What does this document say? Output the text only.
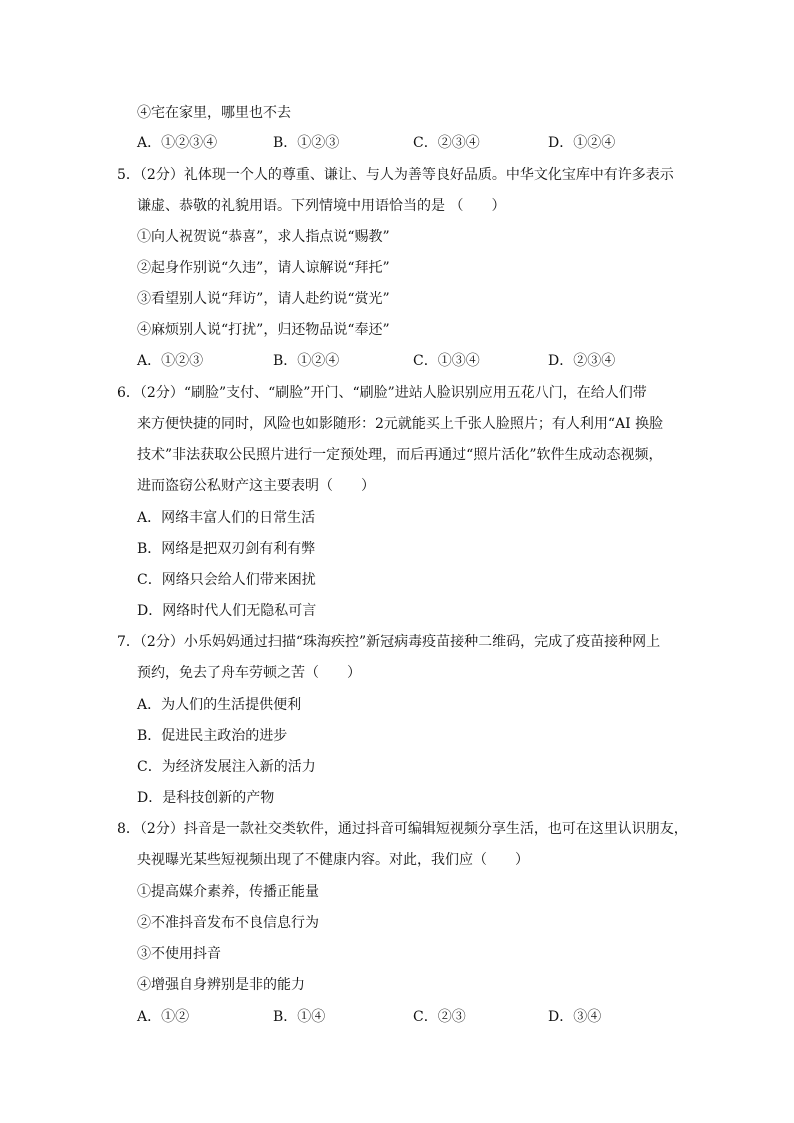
④宅在家里，哪里也不去
A．①②③④	B．①②③	C．②③④	D．①②④
5．（2分）礼体现一个人的尊重、谦让、与人为善等良好品质。中华文化宝库中有许多表示
谦虚、恭敬的礼貌用语。下列情境中用语恰当的是 （　　）
①向人祝贺说“恭喜”，求人指点说“赐教”
②起身作别说“久违”，请人谅解说“拜托”
③看望别人说“拜访”，请人赴约说“赏光”
④麻烦别人说“打扰”，归还物品说“奉还”
A．①②③	B．①②④	C．①③④	D．②③④
6．（2分）“刷脸”支付、“刷脸”开门、“刷脸”进站人脸识别应用五花八门，在给人们带
来方便快捷的同时，风险也如影随形：2元就能买上千张人脸照片；有人利用“AI 换脸
技术”非法获取公民照片进行一定预处理，而后再通过“照片活化”软件生成动态视频，
进而盗窃公私财产这主要表明（　　）
A．网络丰富人们的日常生活
B．网络是把双刃剑有利有弊
C．网络只会给人们带来困扰
D．网络时代人们无隐私可言
7．（2分）小乐妈妈通过扫描“珠海疾控”新冠病毒疫苗接种二维码，完成了疫苗接种网上
预约，免去了舟车劳顿之苦（　　）
A．为人们的生活提供便利
B．促进民主政治的进步
C．为经济发展注入新的活力
D．是科技创新的产物
8．（2分）抖音是一款社交类软件，通过抖音可编辑短视频分享生活，也可在这里认识朋友，
央视曝光某些短视频出现了不健康内容。对此，我们应（　　）
①提高媒介素养，传播正能量
②不准抖音发布不良信息行为
③不使用抖音
④增强自身辨别是非的能力
A．①②	B．①④	C．②③	D．③④
